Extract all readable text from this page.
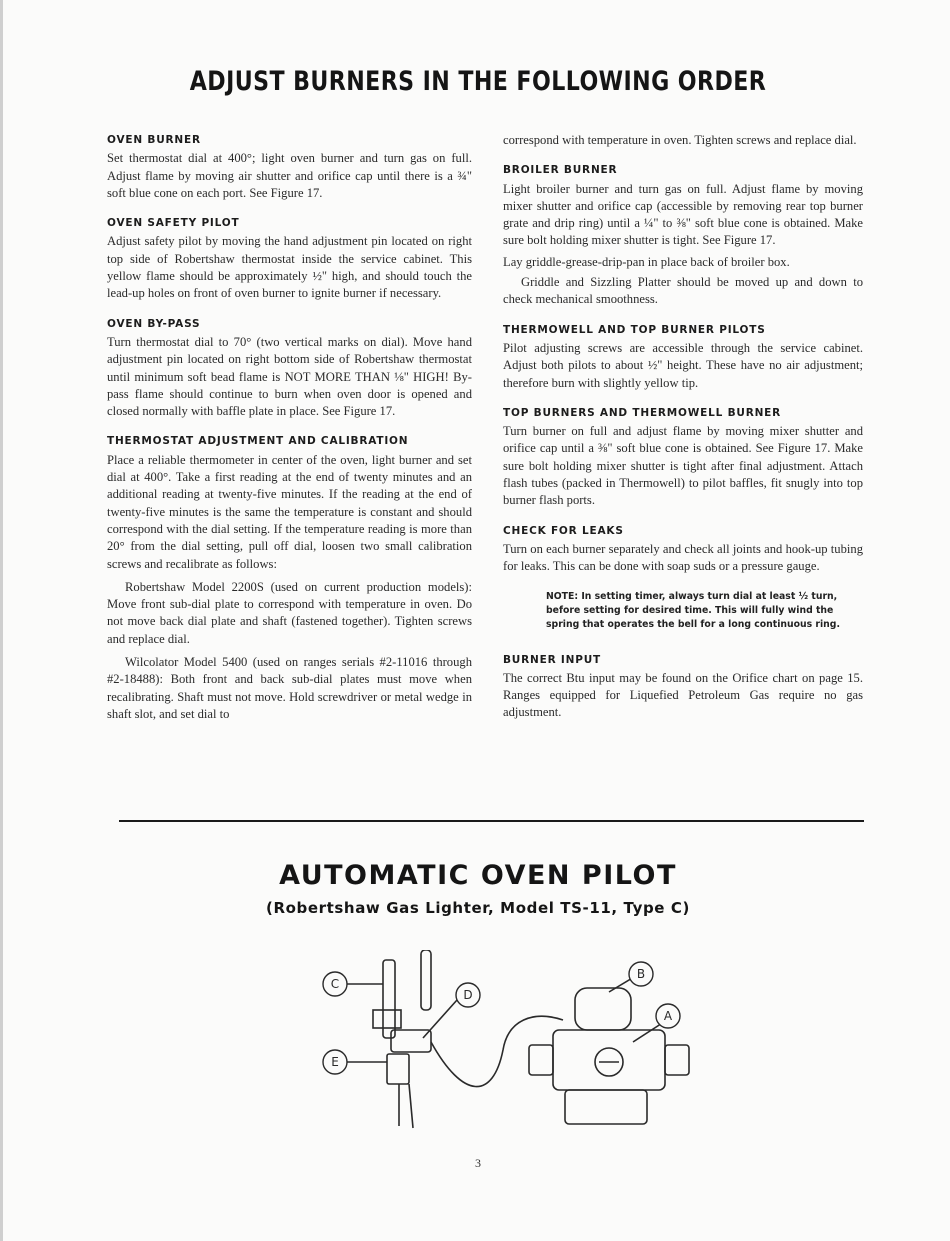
ADJUST BURNERS IN THE FOLLOWING ORDER
OVEN BURNER

Set thermostat dial at 400°; light oven burner and turn gas on full. Adjust flame by moving air shutter and orifice cap until there is a ¾" soft blue cone on each port. See Figure 17.

OVEN SAFETY PILOT

Adjust safety pilot by moving the hand adjustment pin located on right top side of Robertshaw thermostat inside the service cabinet. This yellow flame should be approximately ½" high, and should touch the lead-up holes on front of oven burner to ignite burner if necessary.

OVEN BY-PASS

Turn thermostat dial to 70° (two vertical marks on dial). Move hand adjustment pin located on right bottom side of Robertshaw thermostat until minimum soft bead flame is NOT MORE THAN ⅛" HIGH! By-pass flame should continue to burn when oven door is opened and closed normally with baffle plate in place. See Figure 17.

THERMOSTAT ADJUSTMENT AND CALIBRATION

Place a reliable thermometer in center of the oven, light burner and set dial at 400°. Take a first reading at the end of twenty minutes and an additional reading at twenty-five minutes. If the reading at the end of twenty-five minutes is the same the temperature is constant and should correspond with the dial setting. If the temperature reading is more than 20° from the dial setting, pull off dial, loosen two small calibration screws and recalibrate as follows:

Robertshaw Model 2200S (used on current production models): Move front sub-dial plate to correspond with temperature in oven. Do not move back dial plate and shaft (fastened together). Tighten screws and replace dial.

Wilcolator Model 5400 (used on ranges serials #2-11016 through #2-18488): Both front and back sub-dial plates must move when recalibrating. Shaft must not move. Hold screwdriver or metal wedge in shaft slot, and set dial to

correspond with temperature in oven. Tighten screws and replace dial.

BROILER BURNER

Light broiler burner and turn gas on full. Adjust flame by moving mixer shutter and orifice cap (accessible by removing rear top burner grate and drip ring) until a ¼" to ⅜" soft blue cone is obtained. Make sure bolt holding mixer shutter is tight. See Figure 17.

Lay griddle-grease-drip-pan in place back of broiler box.

Griddle and Sizzling Platter should be moved up and down to check mechanical smoothness.

THERMOWELL AND TOP BURNER PILOTS

Pilot adjusting screws are accessible through the service cabinet. Adjust both pilots to about ½" height. These have no air adjustment; therefore burn with slightly yellow tip.

TOP BURNERS AND THERMOWELL BURNER

Turn burner on full and adjust flame by moving mixer shutter and orifice cap until a ⅜" soft blue cone is obtained. See Figure 17. Make sure bolt holding mixer shutter is tight after final adjustment. Attach flash tubes (packed in Thermowell) to pilot baffles, fit snugly into top burner flash ports.

CHECK FOR LEAKS

Turn on each burner separately and check all joints and hook-up tubing for leaks. This can be done with soap suds or a pressure gauge.

NOTE: In setting timer, always turn dial at least ½ turn, before setting for desired time. This will fully wind the spring that operates the bell for a long continuous ring.

BURNER INPUT

The correct Btu input may be found on the Orifice chart on page 15. Ranges equipped for Liquefied Petroleum Gas require no gas adjustment.

AUTOMATIC OVEN PILOT
(Robertshaw Gas Lighter, Model TS-11, Type C)
C
D
E
B
A
3
